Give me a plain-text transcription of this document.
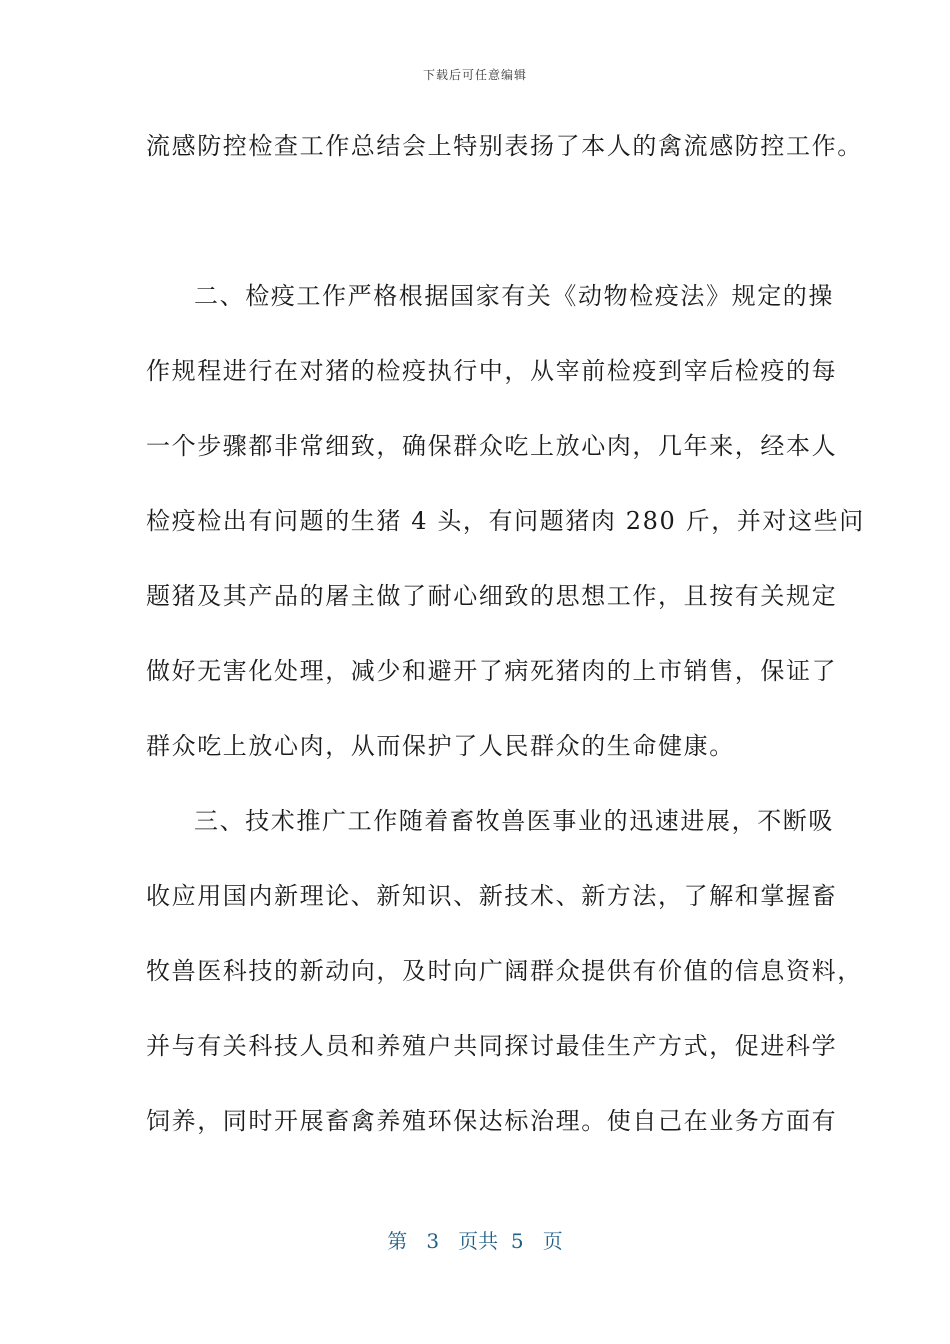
下载后可任意编辑
流感防控检查工作总结会上特别表扬了本人的禽流感防控工作。
二、检疫工作严格根据国家有关《动物检疫法》规定的操
作规程进行在对猪的检疫执行中，从宰前检疫到宰后检疫的每
一个步骤都非常细致，确保群众吃上放心肉，几年来，经本人
检疫检出有问题的生猪 4 头，有问题猪肉 280 斤，并对这些问
题猪及其产品的屠主做了耐心细致的思想工作，且按有关规定
做好无害化处理，减少和避开了病死猪肉的上市销售，保证了
群众吃上放心肉，从而保护了人民群众的生命健康。
三、技术推广工作随着畜牧兽医事业的迅速进展，不断吸
收应用国内新理论、新知识、新技术、新方法，了解和掌握畜
牧兽医科技的新动向，及时向广阔群众提供有价值的信息资料，
并与有关科技人员和养殖户共同探讨最佳生产方式，促进科学
饲养，同时开展畜禽养殖环保达标治理。使自己在业务方面有
第 3 页共 5 页
